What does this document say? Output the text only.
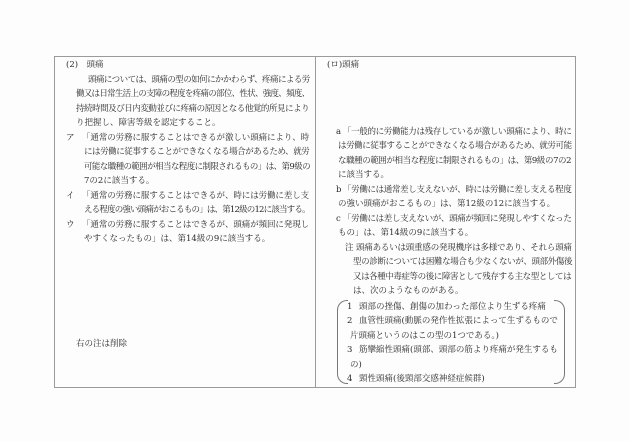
(2)　頭痛
頭痛については、頭痛の型の如何にかかわらず、疼痛による労
働又は日常生活上の支障の程度を疼痛の部位、性状、強度、頻度、
持続時間及び日内変動並びに疼痛の原因となる他覚的所見により
り把握し、障害等級を認定すること。
ア 「通常の労務に服することはできるが激しい頭痛により、時
には労働に従事することができなくなる場合があるため、就労
可能な職種の範囲が相当な程度に制限されるもの」は、第9級の
7の2に該当する。
イ 「通常の労務に服することはできるが、時には労働に差し支
える程度の強い頭痛がおこるもの」は、第12級の12に該当する。
ウ 「通常の労務に服することはできるが、頭痛が頻回に発現し
やすくなったもの」は、第14級の9に該当する。
右の注は削除
(ロ)頭痛
a 「一般的に労働能力は残存しているが激しい頭痛により、時に
は労働に従事することができなくなる場合があるため、就労可能
な職種の範囲が相当な程度に制限されるもの」は、第9級の7の2
に該当する。
b 「労働には通常差し支えないが、時には労働に差し支える程度
の強い頭痛がおこるもの」は、第12級の12に該当する。
c 「労働には差し支えないが、頭痛が頻回に発現しやすくなった
もの」は、第14級の9に該当する。
注 頭痛あるいは頭重感の発現機序は多様であり、それら頭痛
型の診断については困難な場合も少なくないが、頭部外傷後
又は各種中毒症等の後に障害として残存する主な型としては
は、次のようなものがある。
1 頭部の挫傷、創傷の加わった部位より生ずる疼痛
2 血管性頭痛(動脈の発作性拡張によって生ずるもので
片頭痛というのはこの型の1つである。)
3 筋攣縮性頭痛(頭部、頭部の筋より疼痛が発生するも
の)
4 頸性頭痛(後頸部交感神経症候群)
